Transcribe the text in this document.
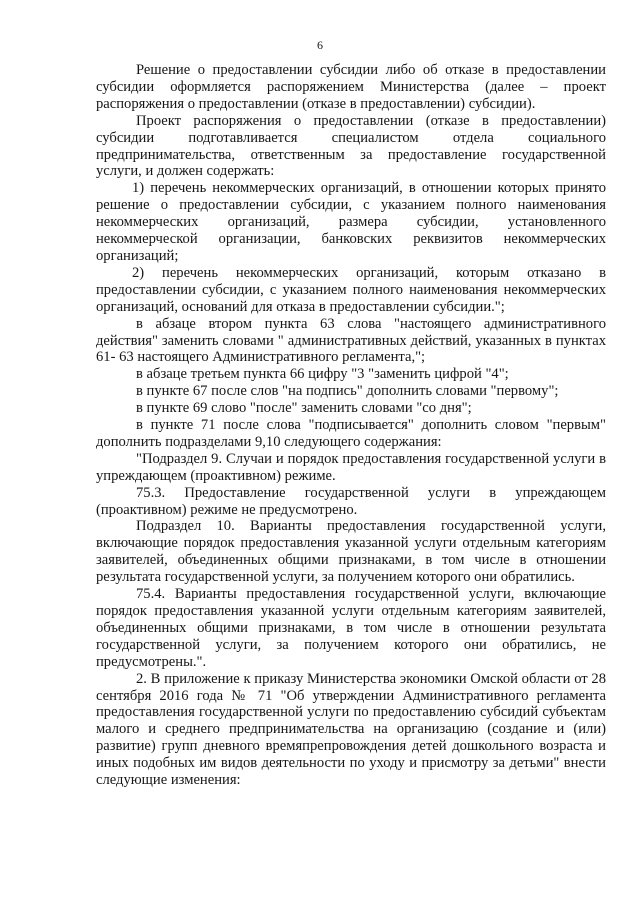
6

Решение о предоставлении субсидии либо об отказе в предоставлении субсидии оформляется распоряжением Министерства (далее – проект распоряжения о предоставлении (отказе в предоставлении) субсидии).

Проект распоряжения о предоставлении (отказе в предоставлении) субсидии подготавливается специалистом отдела социального предпринимательства, ответственным за предоставление государственной услуги, и должен содержать:

1) перечень некоммерческих организаций, в отношении которых принято решение о предоставлении субсидии, с указанием полного наименования некоммерческих организаций, размера субсидии, установленного некоммерческой организации, банковских реквизитов некоммерческих организаций;

2) перечень некоммерческих организаций, которым отказано в предоставлении субсидии, с указанием полного наименования некоммерческих организаций, оснований для отказа в предоставлении субсидии.";

в абзаце втором пункта 63 слова "настоящего административного действия" заменить словами " административных действий, указанных в пунктах 61- 63 настоящего Административного регламента,";

в абзаце третьем пункта 66 цифру "3 "заменить цифрой "4";

в пункте 67 после слов "на подпись" дополнить словами "первому";

в пункте 69 слово "после" заменить словами "со дня";

в пункте 71 после слова "подписывается" дополнить словом "первым" дополнить подразделами 9,10 следующего содержания:

"Подраздел 9. Случаи и порядок предоставления государственной услуги в упреждающем (проактивном) режиме.

75.3. Предоставление государственной услуги в упреждающем (проактивном) режиме не предусмотрено.

Подраздел 10. Варианты предоставления государственной услуги, включающие порядок предоставления указанной услуги отдельным категориям заявителей, объединенных общими признаками, в том числе в отношении результата государственной услуги, за получением которого они обратились.

75.4. Варианты предоставления государственной услуги, включающие порядок предоставления указанной услуги отдельным категориям заявителей, объединенных общими признаками, в том числе в отношении результата государственной услуги, за получением которого они обратились, не предусмотрены.".

2. В приложение к приказу Министерства экономики Омской области от 28 сентября 2016 года № 71 "Об утверждении Административного регламента предоставления государственной услуги по предоставлению субсидий субъектам малого и среднего предпринимательства на организацию (создание и (или) развитие) групп дневного времяпрепровождения детей дошкольного возраста и иных подобных им видов деятельности по уходу и присмотру за детьми" внести следующие изменения:
